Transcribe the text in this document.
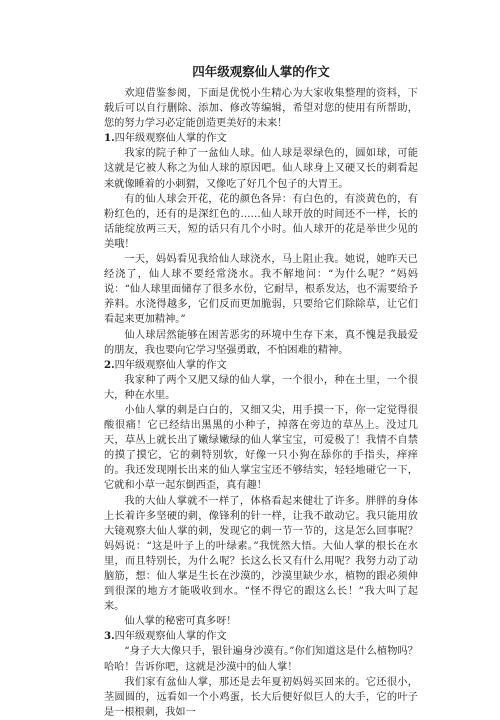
四年级观察仙人掌的作文

欢迎借鉴参阅，下面是优悦小生精心为大家收集整理的资料，下载后可以自行删除、添加、修改等编辑，希望对您的使用有所帮助，您的努力学习必定能创造更美好的未来！

1.四年级观察仙人掌的作文

我家的院子种了一盆仙人球。仙人球是翠绿色的，圆如球，可能这就是它被人称之为仙人球的原因吧。仙人球身上又硬又长的刺看起来就像睡着的小刺猬，又像吃了好几个包子的大胃王。

有的仙人球会开花，花的颜色各异：有白色的，有淡黄色的，有粉红色的，还有的是深红色的……仙人球开放的时间还不一样，长的话能绽放两三天，短的话只有几个小时。仙人球开的花是举世少见的美哦！

一天，妈妈看见我给仙人球浇水，马上阻止我。她说，她昨天已经浇了，仙人球不要经常浇水。我不解地问：“为什么呢？”妈妈说：“仙人球里面储存了很多水份，它耐旱，根系发达，也不需要给予养料。水浇得越多，它们反而更加脆弱，只要给它们除除草，让它们看起来更加精神。”

仙人球居然能够在困苦恶劣的环境中生存下来，真不愧是我最爱的朋友，我也要向它学习坚强勇敢，不怕困难的精神。

2.四年级观察仙人掌的作文

我家种了两个又肥又绿的仙人掌，一个很小，种在土里，一个很大，种在水里。

小仙人掌的刺是白白的，又细又尖，用手摸一下，你一定觉得很酸很痛！它已经结出黑黑的小种子，掉落在旁边的草丛上。没过几天，草丛上就长出了嫩绿嫩绿的仙人掌宝宝，可爱极了！我情不自禁的摸了摸它，它的刺特别软，好像一只小狗在舔你的手指头，痒痒的。我还发现刚长出来的仙人掌宝宝还不够结实，轻轻地碰它一下，它就和小草一起东倒西歪，真有趣！

我的大仙人掌就不一样了，体格看起来健壮了许多。胖胖的身体上长着许多坚硬的刺，像锋利的针一样，让我不敢动它。我只能用放大镜观察大仙人掌的刺，发现它的刺一节一节的，这是怎么回事呢？妈妈说：“这是叶子上的叶绿素。”我恍然大悟。大仙人掌的根长在水里，而且特别长，为什么呢？长这么长又有什么用呢？我努力动了动脑筋，想：仙人掌是生长在沙漠的，沙漠里缺少水，植物的跟必须伸到很深的地方才能吸收到水。“怪不得它的跟这么长！”我大叫了起来。

仙人掌的秘密可真多呀！

3.四年级观察仙人掌的作文

“身子大大像只手，银针遍身沙漠有。”你们知道这是什么植物吗？哈哈！告诉你吧，这就是沙漠中的仙人掌！

我们家有盆仙人掌，那还是去年夏初妈妈买回来的。它还很小，茎圆圆的，远看如一个小鸡蛋，长大后便好似巨人的大手，它的叶子是一根根刺，我如一
